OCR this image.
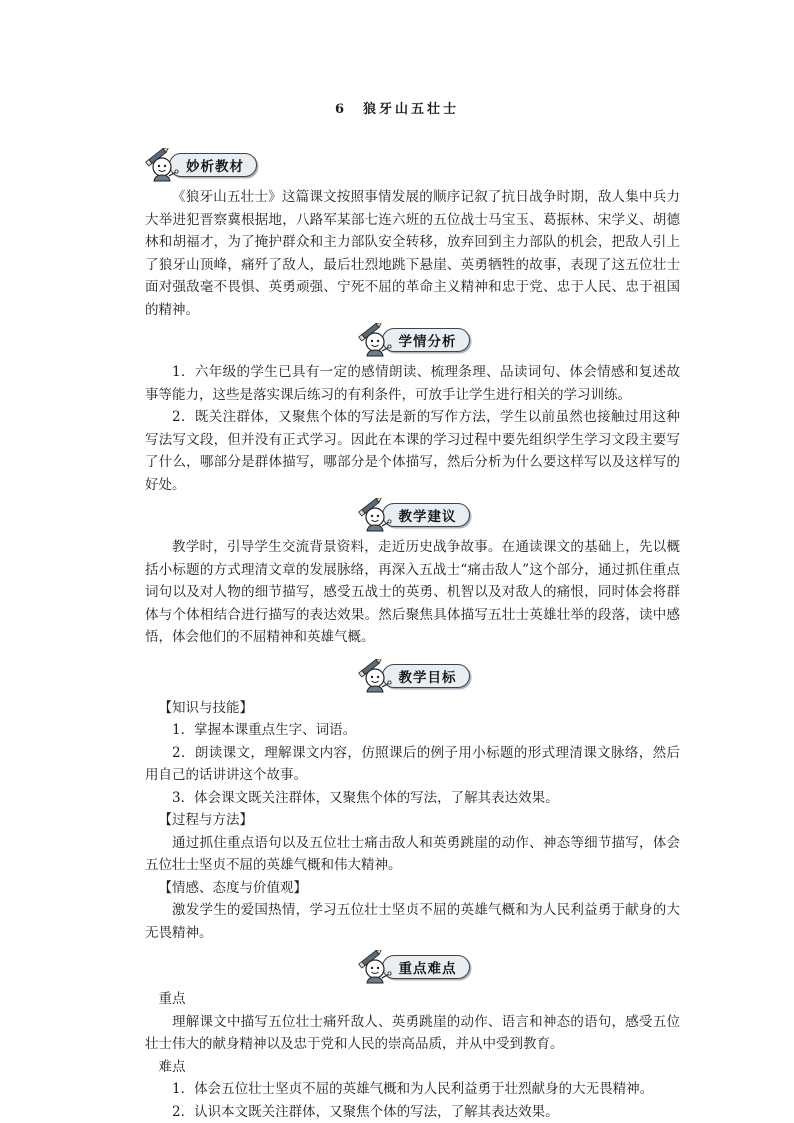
6　狼牙山五壮士
妙析教材

《狼牙山五壮士》这篇课文按照事情发展的顺序记叙了抗日战争时期，敌人集中兵力大举进犯晋察冀根据地，八路军某部七连六班的五位战士马宝玉、葛振林、宋学义、胡德林和胡福才，为了掩护群众和主力部队安全转移，放弃回到主力部队的机会，把敌人引上了狼牙山顶峰，痛歼了敌人，最后壮烈地跳下悬崖、英勇牺牲的故事，表现了这五位壮士面对强敌毫不畏惧、英勇顽强、宁死不屈的革命主义精神和忠于党、忠于人民、忠于祖国的精神。

学情分析

1．六年级的学生已具有一定的感情朗读、梳理条理、品读词句、体会情感和复述故事等能力，这些是落实课后练习的有利条件，可放手让学生进行相关的学习训练。

2．既关注群体，又聚焦个体的写法是新的写作方法，学生以前虽然也接触过用这种写法写文段，但并没有正式学习。因此在本课的学习过程中要先组织学生学习文段主要写了什么，哪部分是群体描写，哪部分是个体描写，然后分析为什么要这样写以及这样写的好处。

教学建议

教学时，引导学生交流背景资料，走近历史战争故事。在通读课文的基础上，先以概括小标题的方式理清文章的发展脉络，再深入五战士“痛击敌人”这个部分，通过抓住重点词句以及对人物的细节描写，感受五战士的英勇、机智以及对敌人的痛恨，同时体会将群体与个体相结合进行描写的表达效果。然后聚焦具体描写五壮士英雄壮举的段落，读中感悟，体会他们的不屈精神和英雄气概。

教学目标

【知识与技能】

1．掌握本课重点生字、词语。

2．朗读课文，理解课文内容，仿照课后的例子用小标题的形式理清课文脉络，然后用自己的话讲讲这个故事。

3．体会课文既关注群体，又聚焦个体的写法，了解其表达效果。

【过程与方法】

通过抓住重点语句以及五位壮士痛击敌人和英勇跳崖的动作、神态等细节描写，体会五位壮士坚贞不屈的英雄气概和伟大精神。

【情感、态度与价值观】

激发学生的爱国热情，学习五位壮士坚贞不屈的英雄气概和为人民利益勇于献身的大无畏精神。

重点难点

重点

理解课文中描写五位壮士痛歼敌人、英勇跳崖的动作、语言和神态的语句，感受五位壮士伟大的献身精神以及忠于党和人民的崇高品质，并从中受到教育。

难点

1．体会五位壮士坚贞不屈的英雄气概和为人民利益勇于壮烈献身的大无畏精神。

2．认识本文既关注群体，又聚焦个体的写法，了解其表达效果。
